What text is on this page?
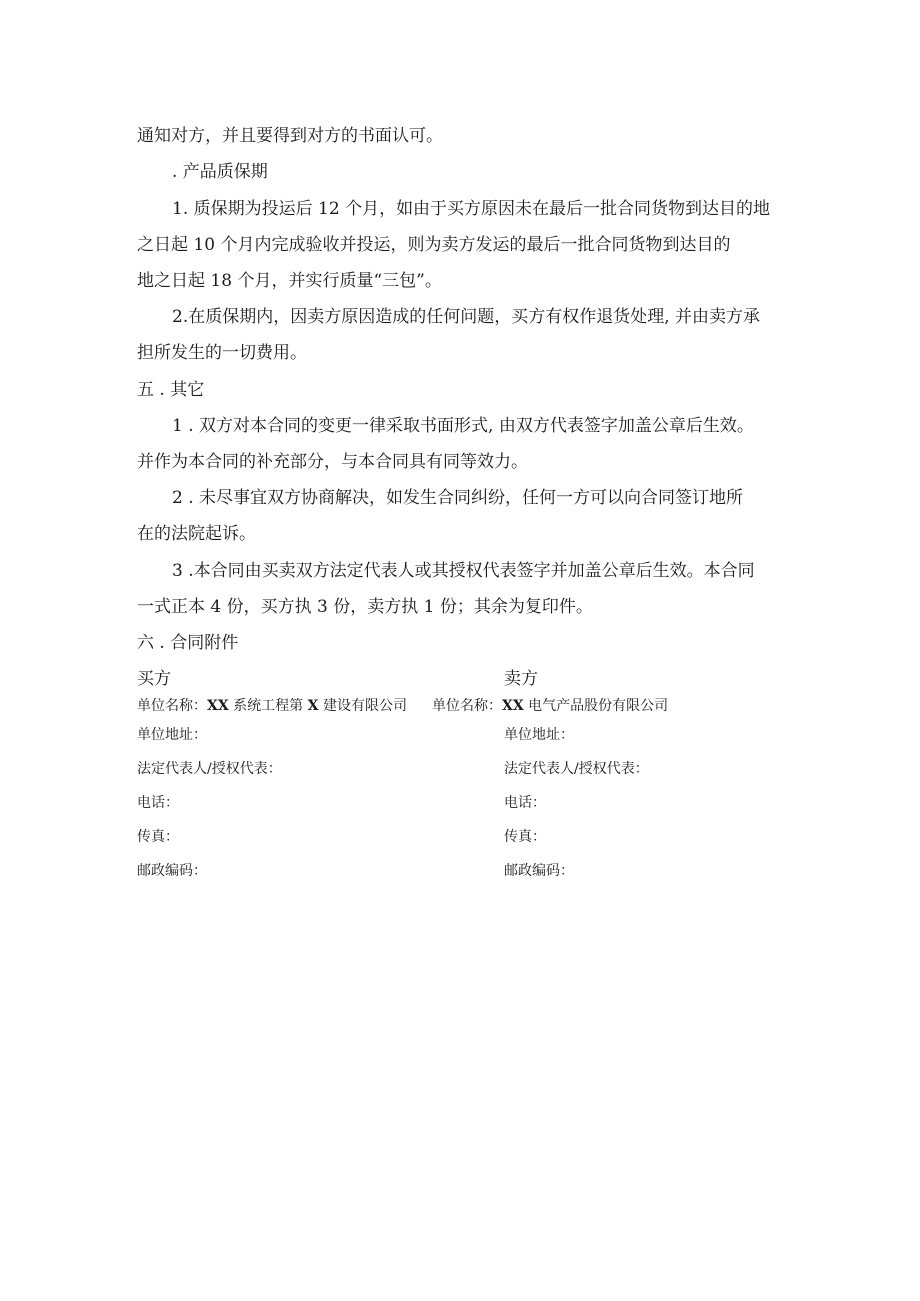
通知对方，并且要得到对方的书面认可。
. 产品质保期
1. 质保期为投运后 12 个月，如由于买方原因未在最后一批合同货物到达目的地
之日起 10 个月内完成验收并投运，则为卖方发运的最后一批合同货物到达目的
地之日起 18 个月，并实行质量“三包”。
2.在质保期内，因卖方原因造成的任何问题，买方有权作退货处理, 并由卖方承
担所发生的一切费用。
五 . 其它
1 . 双方对本合同的变更一律采取书面形式, 由双方代表签字加盖公章后生效。
并作为本合同的补充部分，与本合同具有同等效力。
2 . 未尽事宜双方协商解决，如发生合同纠纷，任何一方可以向合同签订地所
在的法院起诉。
3 .本合同由买卖双方法定代表人或其授权代表签字并加盖公章后生效。本合同
一式正本 4 份，买方执 3 份，卖方执 1 份；其余为复印件。
六 . 合同附件
买方
单位名称：XX 系统工程第 X 建设有限公司
单位地址：
法定代表人/授权代表：
电话：
传真：
邮政编码：
卖方
单位名称：XX 电气产品股份有限公司
单位地址：
法定代表人/授权代表：
电话：
传真：
邮政编码：
